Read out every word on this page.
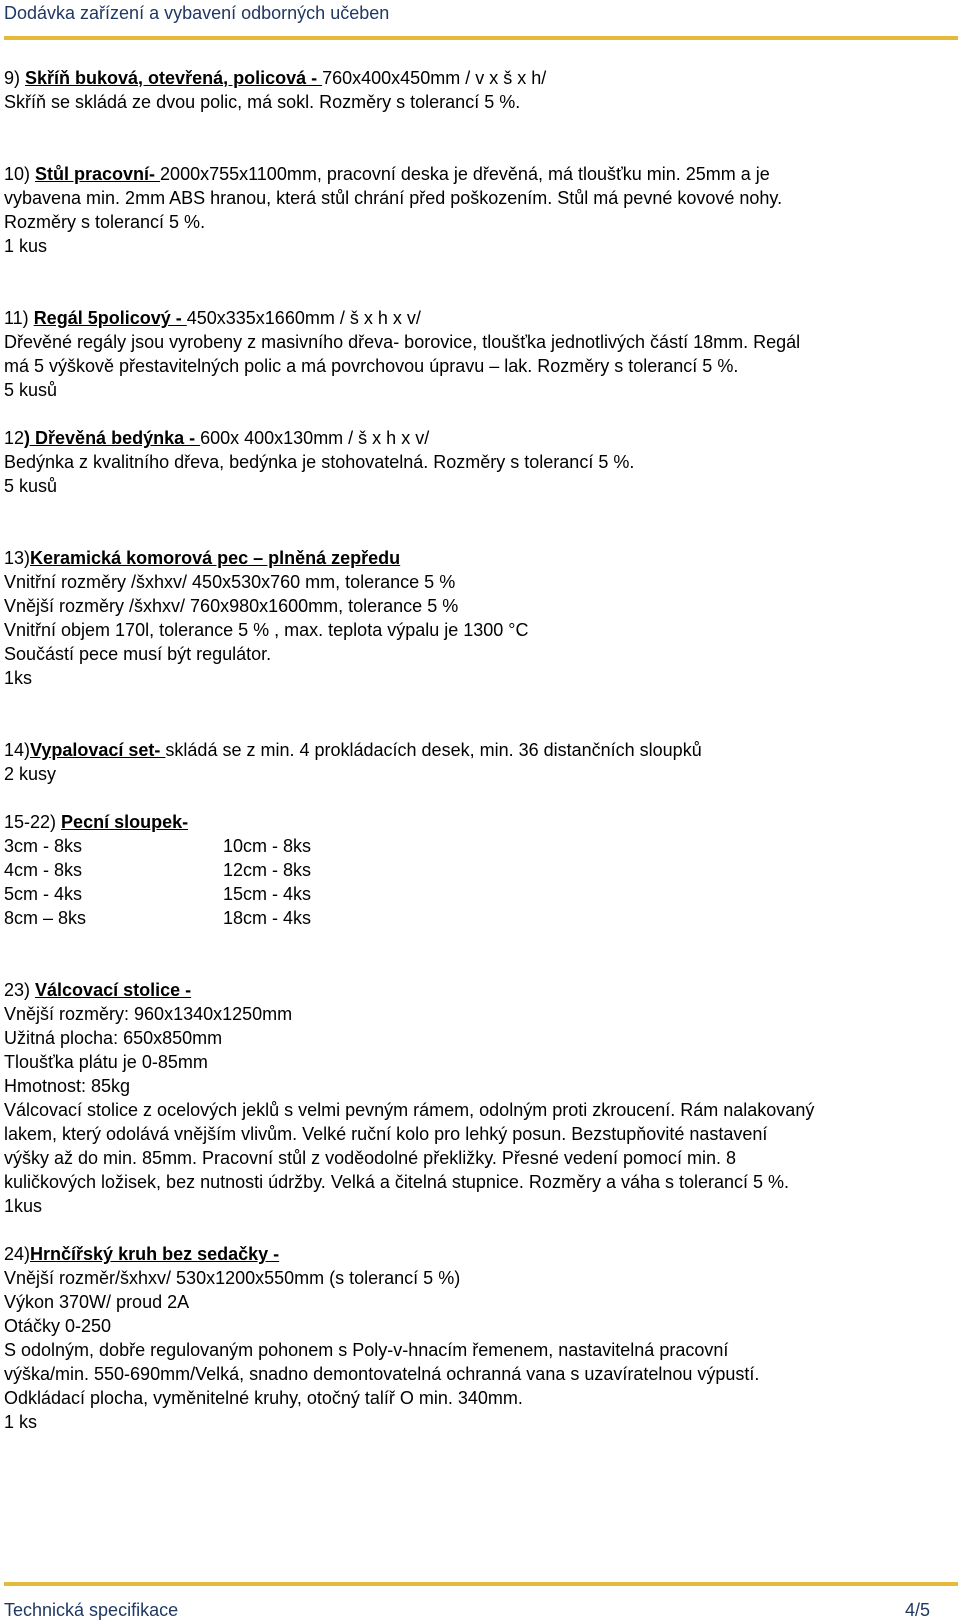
Dodávka zařízení a vybavení odborných učeben
9) Skříň buková, otevřená, policová - 760x400x450mm / v x š x h/
Skříň se skládá ze dvou polic, má sokl. Rozměry s tolerancí 5 %.
10) Stůl pracovní- 2000x755x1100mm, pracovní deska je dřevěná, má tloušťku min. 25mm a je
vybavena min. 2mm ABS hranou, která stůl chrání před poškozením. Stůl má pevné kovové nohy.
Rozměry s tolerancí 5 %.
1 kus
11) Regál 5policový - 450x335x1660mm / š x h x v/
Dřevěné regály jsou vyrobeny z masivního dřeva- borovice, tloušťka jednotlivých částí 18mm. Regál
má 5 výškově přestavitelných polic a má povrchovou úpravu – lak. Rozměry s tolerancí 5 %.
5 kusů
12) Dřevěná bedýnka - 600x 400x130mm / š x h x v/
Bedýnka z kvalitního dřeva, bedýnka je stohovatelná. Rozměry s tolerancí 5 %.
5 kusů
13)Keramická komorová pec – plněná zepředu
Vnitřní rozměry /šxhxv/ 450x530x760 mm, tolerance 5 %
Vnější rozměry /šxhxv/ 760x980x1600mm, tolerance 5 %
Vnitřní objem 170l, tolerance 5 % , max. teplota výpalu je 1300 °C
Součástí pece musí být regulátor.
1ks
14)Vypalovací set- skládá se z min. 4 prokládacích desek, min. 36 distančních sloupků
2 kusy
15-22) Pecní sloupek-
3cm - 8ks	10cm - 8ks
4cm - 8ks	12cm - 8ks
5cm - 4ks	15cm - 4ks
8cm – 8ks	18cm - 4ks
23) Válcovací stolice -
Vnější rozměry: 960x1340x1250mm
Užitná plocha: 650x850mm
Tloušťka plátu je 0-85mm
Hmotnost: 85kg
Válcovací stolice z ocelových jeklů s velmi pevným rámem, odolným proti zkroucení. Rám nalakovaný
lakem, který odolává vnějším vlivům. Velké ruční kolo pro lehký posun. Bezstupňovité nastavení
výšky až do min. 85mm. Pracovní stůl z voděodolné překližky. Přesné vedení pomocí min. 8
kuličkových ložisek, bez nutnosti údržby. Velká a čitelná stupnice. Rozměry a váha s tolerancí 5 %.
1kus
24)Hrnčířský kruh bez sedačky -
Vnější rozměr/šxhxv/ 530x1200x550mm (s tolerancí 5 %)
Výkon 370W/ proud 2A
Otáčky 0-250
S odolným, dobře regulovaným pohonem s Poly-v-hnacím řemenem, nastavitelná pracovní
výška/min. 550-690mm/Velká, snadno demontovatelná ochranná vana s uzavíratelnou výpustí.
Odkládací plocha, vyměnitelné kruhy, otočný talíř O min. 340mm.
1 ks
Technická specifikace	4/5
